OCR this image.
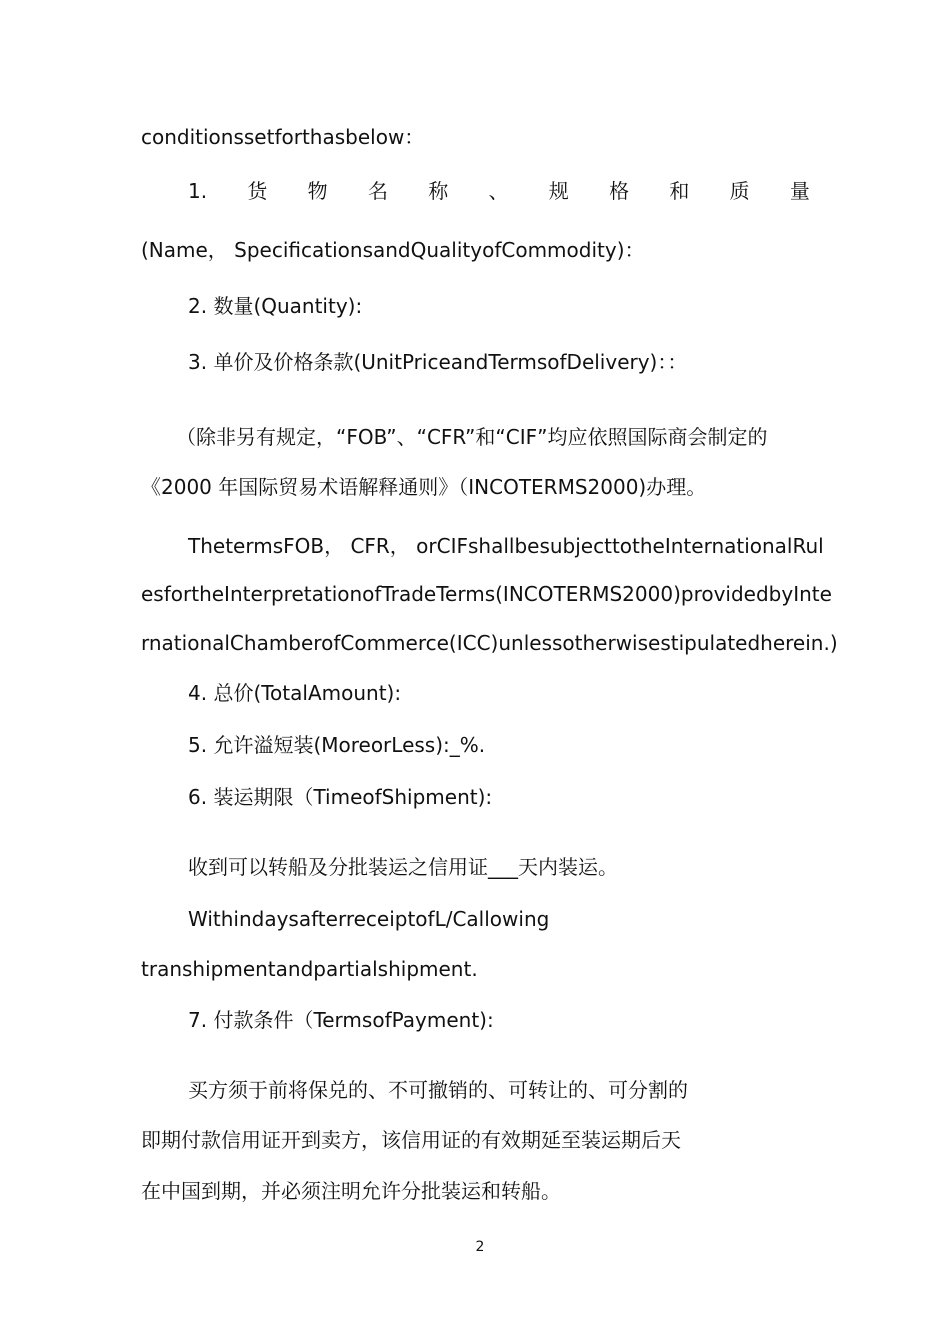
conditionssetforthasbelow：
1. 货 物 名 称 、 规 格 和 质 量
(Name， SpecificationsandQualityofCommodity)：
2. 数量(Quantity):
3. 单价及价格条款(UnitPriceandTermsofDelivery)：：
（除非另有规定，“FOB”、“CFR”和“CIF”均应依照国际商会制定的
《2000 年国际贸易术语解释通则》（INCOTERMS2000)办理。
ThetermsFOB， CFR， orCIFshallbesubjecttotheInternationalRul
esfortheInterpretationofTradeTerms(INCOTERMS2000)providedbyInte
rnationalChamberofCommerce(ICC)unlessotherwisestipulatedherein.)
4. 总价(TotalAmount):
5. 允许溢短装(MoreorLess):_%.
6. 装运期限（TimeofShipment):
收到可以转船及分批装运之信用证___天内装运。
WithindaysafterreceiptofL/Callowing
transhipmentandpartialshipment.
7. 付款条件（TermsofPayment):
买方须于前将保兑的、不可撤销的、可转让的、可分割的
即期付款信用证开到卖方，该信用证的有效期延至装运期后天
在中国到期，并必须注明允许分批装运和转船。
2
